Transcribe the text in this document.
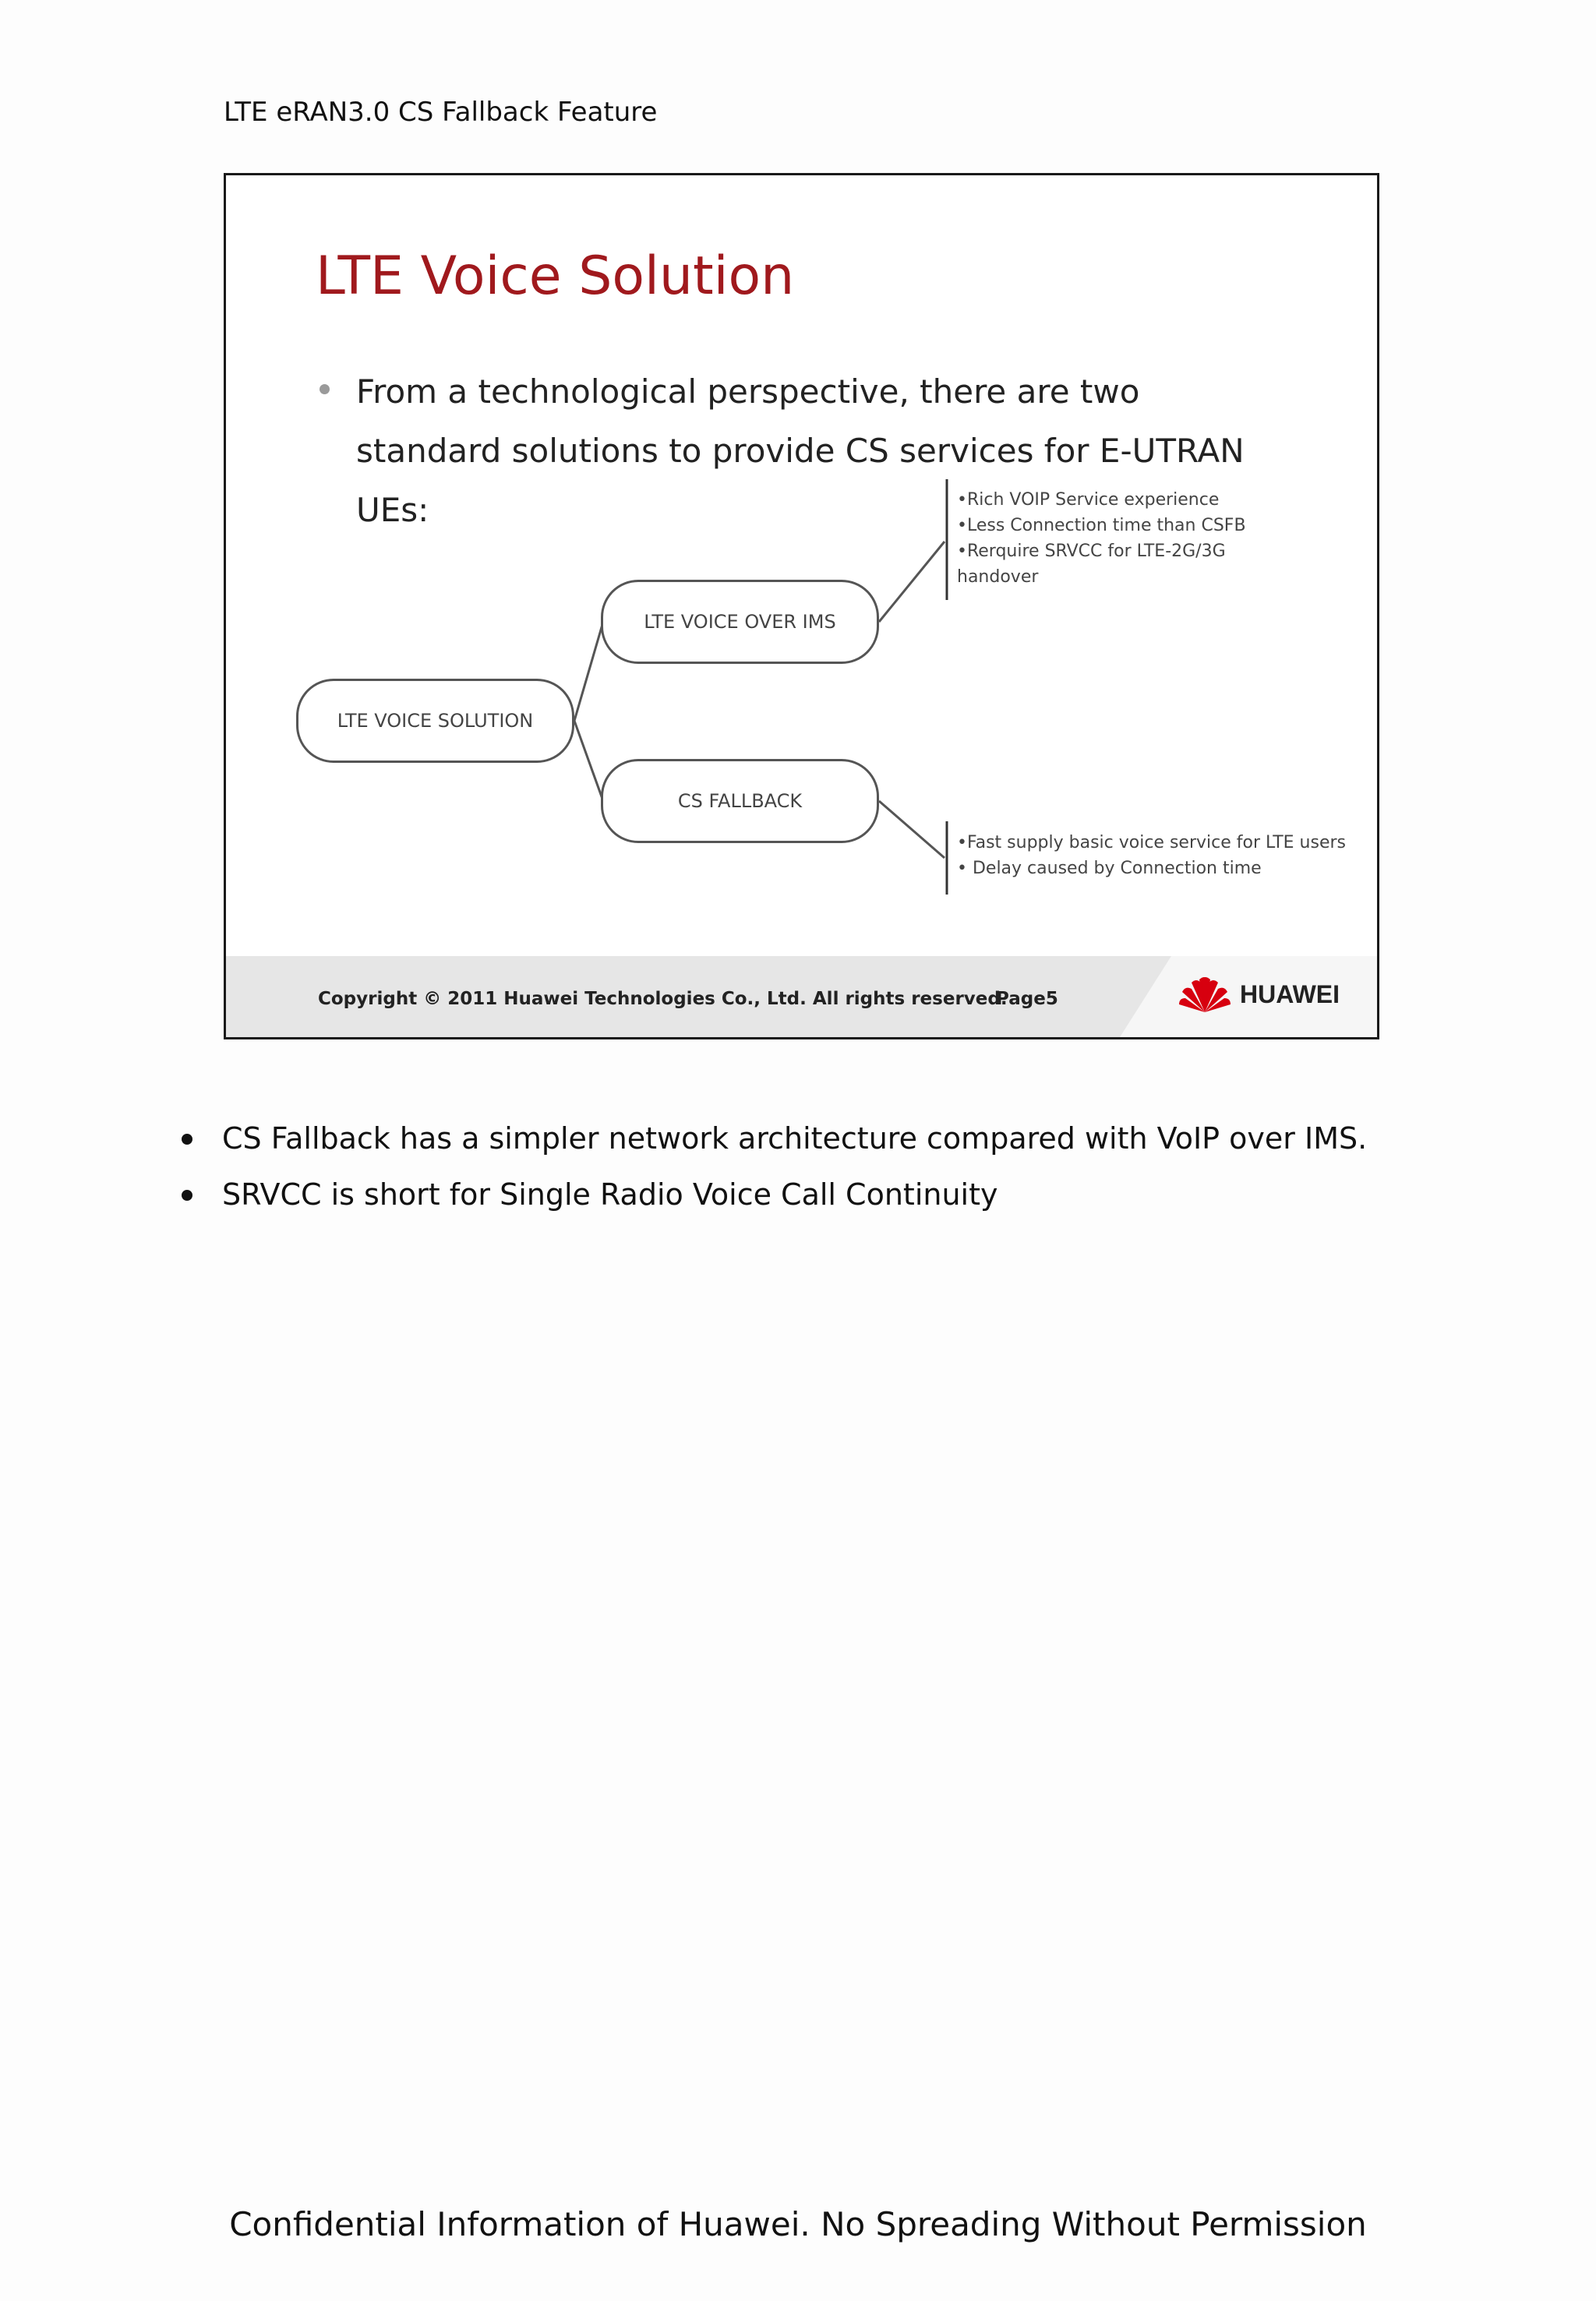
LTE eRAN3.0 CS Fallback Feature
LTE Voice Solution
From a technological perspective, there are two standard solutions to provide CS services for E-UTRAN UEs:
LTE VOICE SOLUTION
LTE VOICE OVER IMS
CS FALLBACK
•Rich VOIP Service experience
•Less Connection time than CSFB
•Rerquire SRVCC for LTE-2G/3G
handover
•Fast supply basic voice service for LTE users
• Delay caused by Connection time
Copyright © 2011 Huawei Technologies Co., Ltd. All rights reserved.
Page5	HUAWEI
CS Fallback has a simpler network architecture compared with VoIP over IMS.
SRVCC is short for Single Radio Voice Call Continuity
Confidential Information of Huawei. No Spreading Without Permission
